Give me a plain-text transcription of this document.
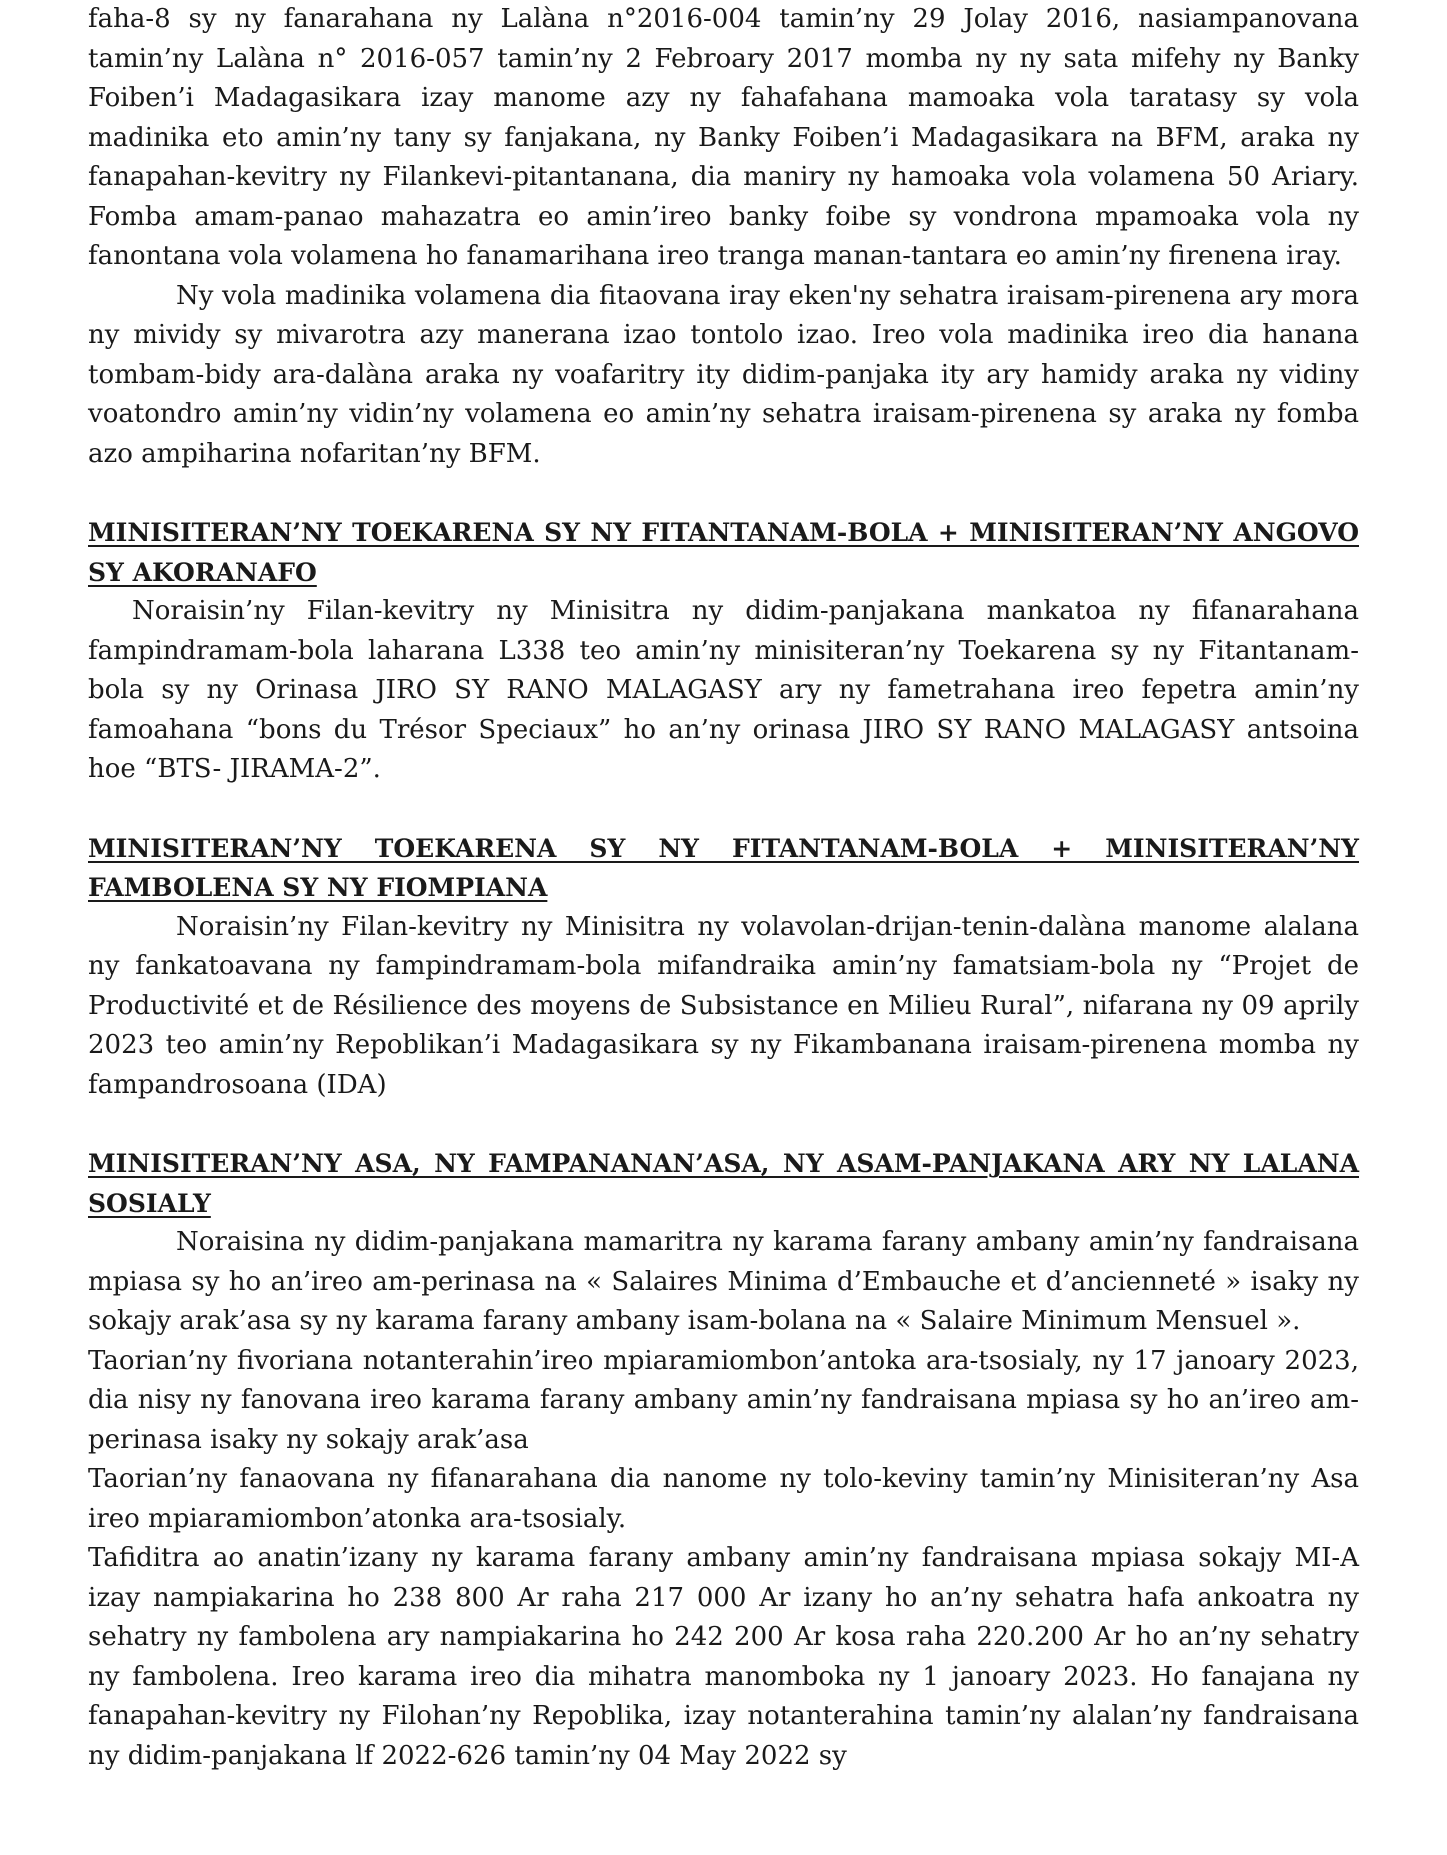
faha-8 sy ny fanarahana ny Lalàna n°2016-004 tamin’ny 29 Jolay 2016, nasiampanovana tamin’ny Lalàna n° 2016-057 tamin’ny 2 Febroary 2017 momba ny ny sata mifehy ny Banky Foiben’i Madagasikara izay manome azy ny fahafahana mamoaka vola taratasy sy vola madinika eto amin’ny tany sy fanjakana, ny Banky Foiben’i Madagasikara na BFM, araka ny fanapahan-kevitry ny Filankevi-pitantanana, dia maniry ny hamoaka vola volamena 50 Ariary. Fomba amam-panao mahazatra eo amin’ireo banky foibe sy vondrona mpamoaka vola ny fanontana vola volamena ho fanamarihana ireo tranga manan-tantara eo amin’ny firenena iray.

Ny vola madinika volamena dia fitaovana iray eken'ny sehatra iraisam-pirenena ary mora ny mividy sy mivarotra azy manerana izao tontolo izao. Ireo vola madinika ireo dia hanana tombam-bidy ara-dalàna araka ny voafaritry ity didim-panjaka ity ary hamidy araka ny vidiny voatondro amin’ny vidin’ny volamena eo amin’ny sehatra iraisam-pirenena sy araka ny fomba azo ampiharina nofaritan’ny BFM.

MINISITERAN’NY TOEKARENA SY NY FITANTANAM-BOLA + MINISITERAN’NY ANGOVO SY AKORANAFO

Noraisin’ny Filan-kevitry ny Minisitra ny didim-panjakana mankatoa ny fifanarahana fampindramam-bola laharana L338 teo amin’ny minisiteran’ny Toekarena sy ny Fitantanam-bola sy ny Orinasa JIRO SY RANO MALAGASY ary ny fametrahana ireo fepetra amin’ny famoahana “bons du Trésor Speciaux” ho an’ny orinasa JIRO SY RANO MALAGASY antsoina hoe “BTS- JIRAMA-2”.

MINISITERAN’NY TOEKARENA SY NY FITANTANAM-BOLA + MINISITERAN’NY FAMBOLENA SY NY FIOMPIANA

Noraisin’ny Filan-kevitry ny Minisitra ny volavolan-drijan-tenin-dalàna manome alalana ny fankatoavana ny fampindramam-bola mifandraika amin’ny famatsiam-bola ny “Projet de Productivité et de Résilience des moyens de Subsistance en Milieu Rural”, nifarana ny 09 aprily 2023 teo amin’ny Repoblikan’i Madagasikara sy ny Fikambanana iraisam-pirenena momba ny fampandrosoana (IDA)

MINISITERAN’NY ASA, NY FAMPANANAN’ASA, NY ASAM-PANJAKANA ARY NY LALANA SOSIALY

Noraisina ny didim-panjakana mamaritra ny karama farany ambany amin’ny fandraisana mpiasa sy ho an’ireo am-perinasa na « Salaires Minima d’Embauche et d’ancienneté » isaky ny sokajy arak’asa sy ny karama farany ambany isam-bolana na « Salaire Minimum Mensuel ».

Taorian’ny fivoriana notanterahin’ireo mpiaramiombon’antoka ara-tsosialy, ny 17 janoary 2023, dia nisy ny fanovana ireo karama farany ambany amin’ny fandraisana mpiasa sy ho an’ireo am-perinasa isaky ny sokajy arak’asa

Taorian’ny fanaovana ny fifanarahana dia nanome ny tolo-keviny tamin’ny Minisiteran’ny Asa ireo mpiaramiombon’atonka ara-tsosialy.

Tafiditra ao anatin’izany ny karama farany ambany amin’ny fandraisana mpiasa sokajy MI-A izay nampiakarina ho 238 800 Ar raha 217 000 Ar izany ho an’ny sehatra hafa ankoatra ny sehatry ny fambolena ary nampiakarina ho 242 200 Ar kosa raha 220.200 Ar ho an’ny sehatry ny fambolena. Ireo karama ireo dia mihatra manomboka ny 1 janoary 2023. Ho fanajana ny fanapahan-kevitry ny Filohan’ny Repoblika, izay notanterahina tamin’ny alalan’ny fandraisana ny didim-panjakana lf 2022-626 tamin’ny 04 May 2022 sy
